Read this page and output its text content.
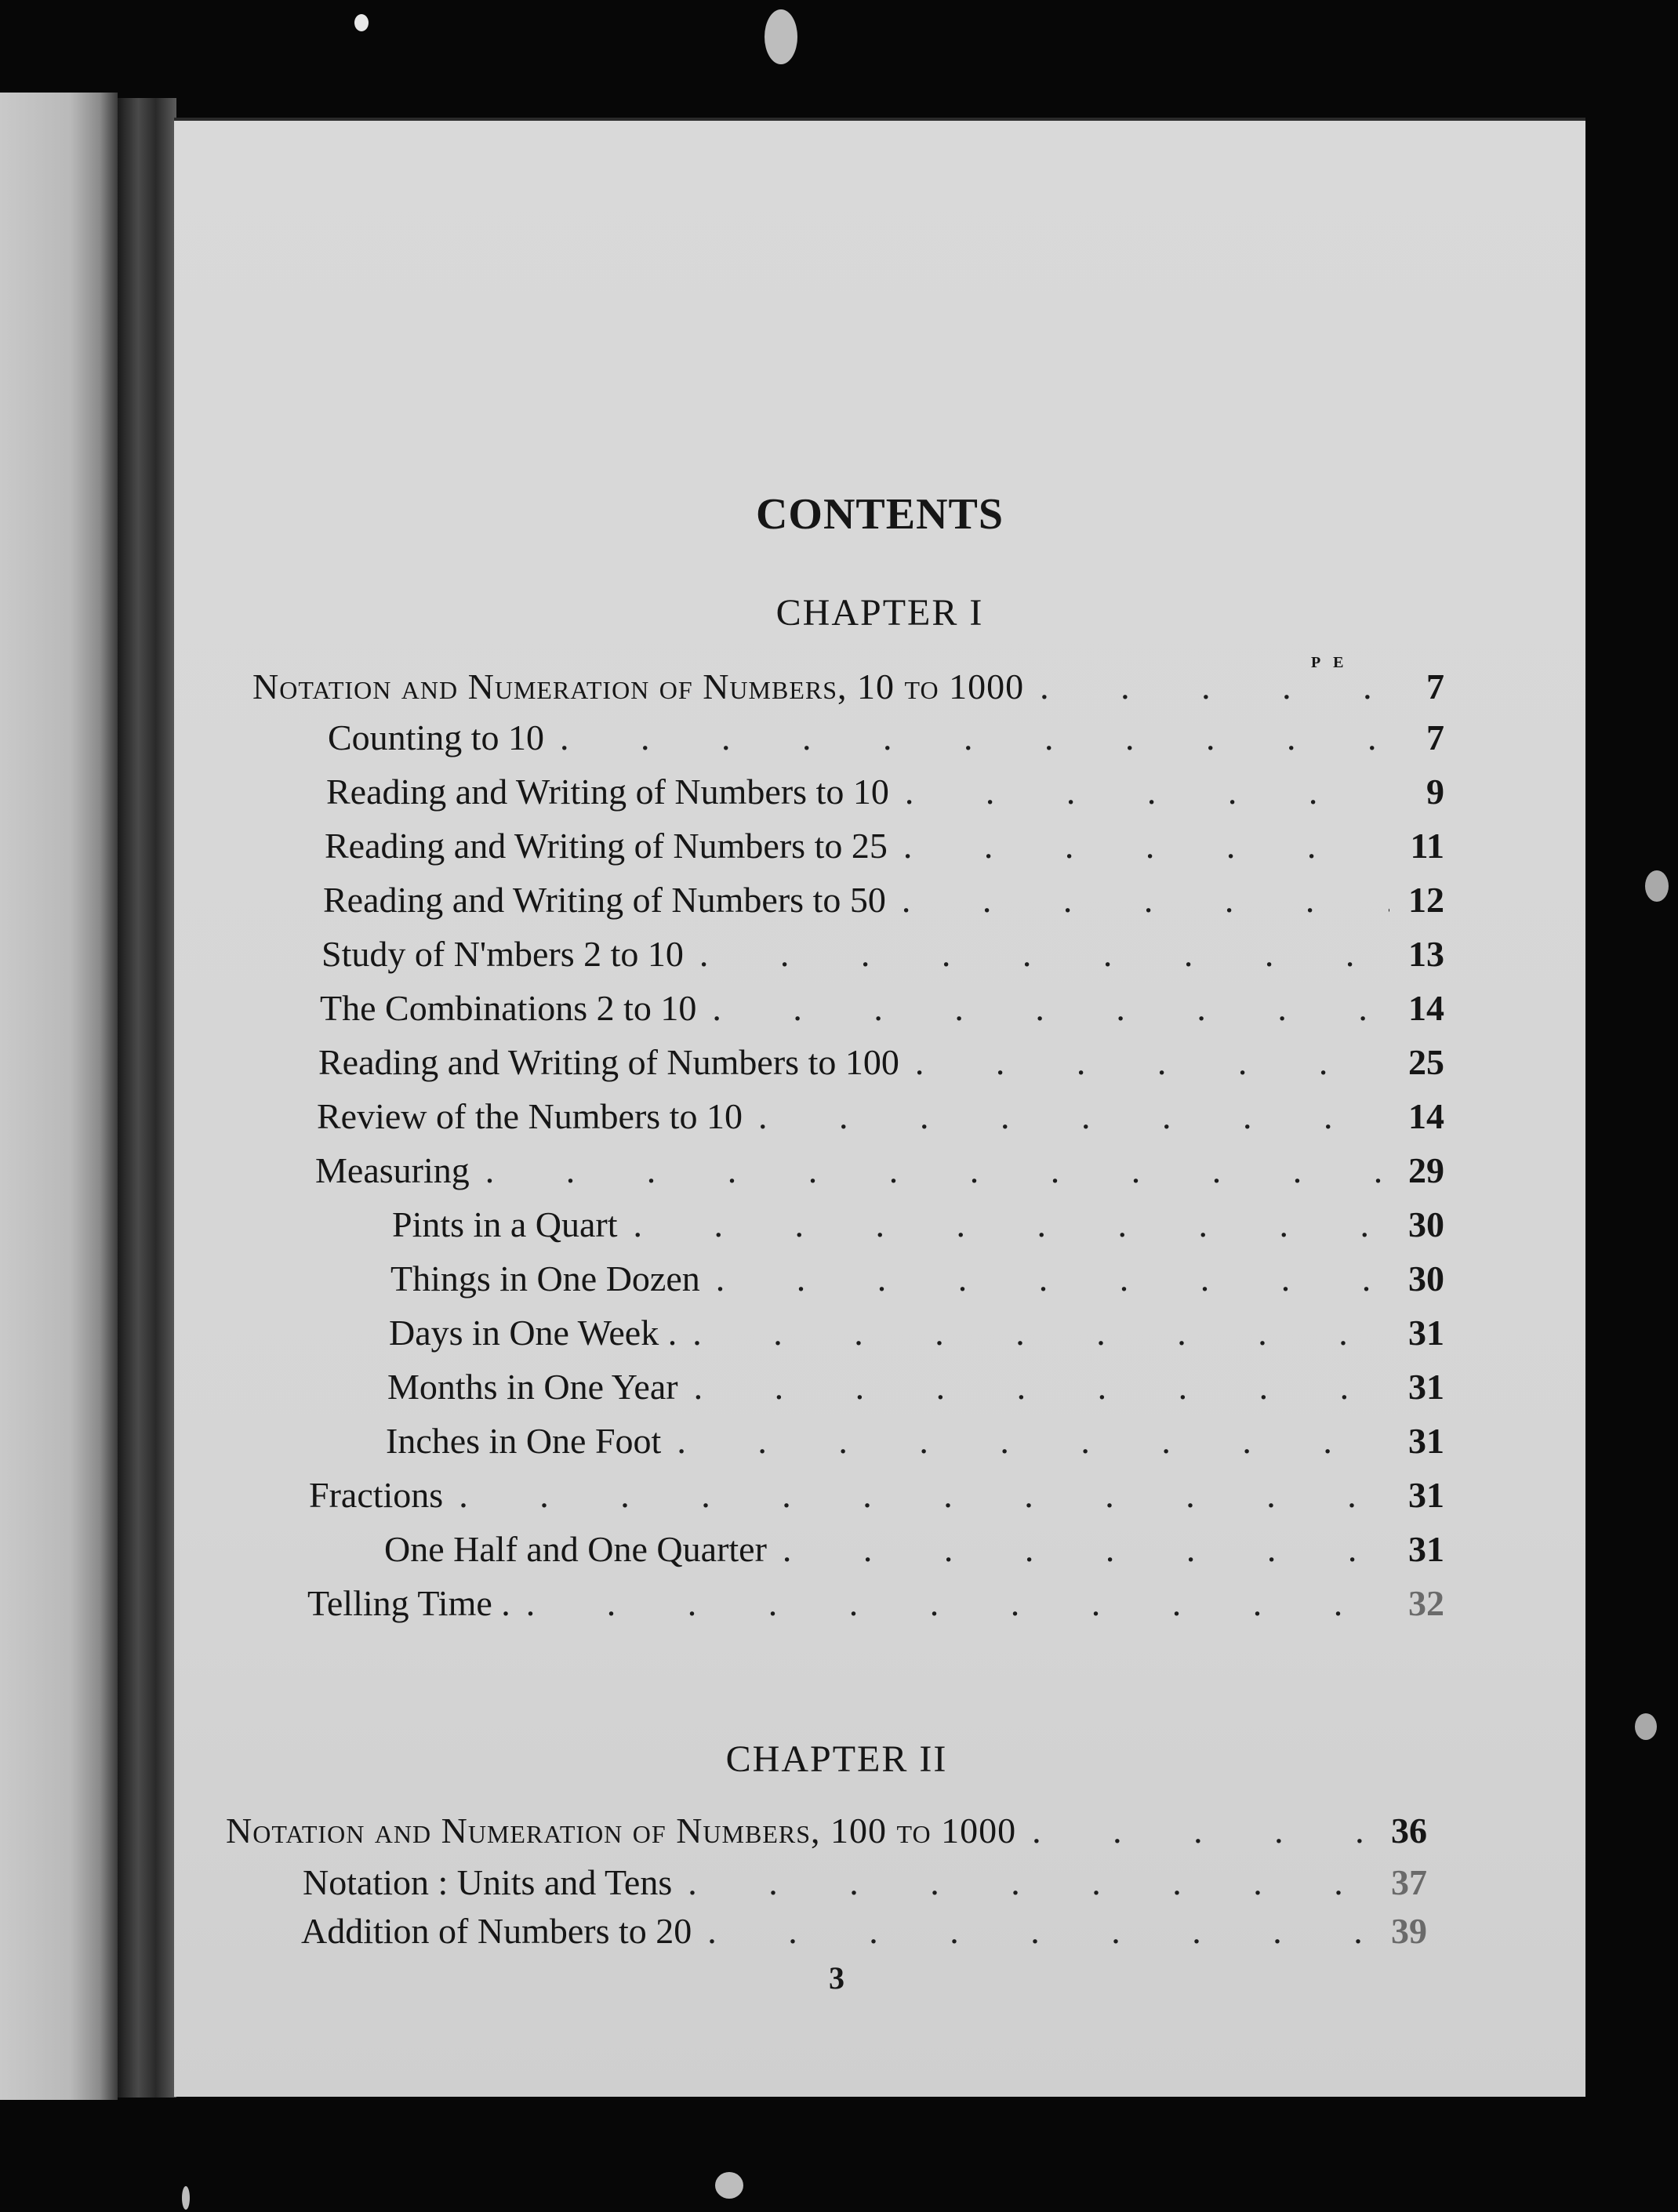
CONTENTS
CHAPTER I
P E
Notation and Numeration of Numbers, 10 to 1000 . . .	7
Counting to 10 . . .	7
Reading and Writing of Numbers to 10 . . .	9
Reading and Writing of Numbers to 25 . . .	11
Reading and Writing of Numbers to 50 . . .	12
Study of N'mbers 2 to 10 . . .	13
The Combinations 2 to 10 . . .	14
Reading and Writing of Numbers to 100 . . .	25
Review of the Numbers to 10 . . .	14
Measuring . . .	29
Pints in a Quart . . .	30
Things in One Dozen . . .	30
Days in One Week . . . .	31
Months in One Year . . .	31
Inches in One Foot . . .	31
Fractions . . .	31
One Half and One Quarter . . .	31
Telling Time . . . .	32
CHAPTER II
Notation and Numeration of Numbers, 100 to 1000 . . .	36
Notation : Units and Tens . . .	37
Addition of Numbers to 20 . . .	39
3
